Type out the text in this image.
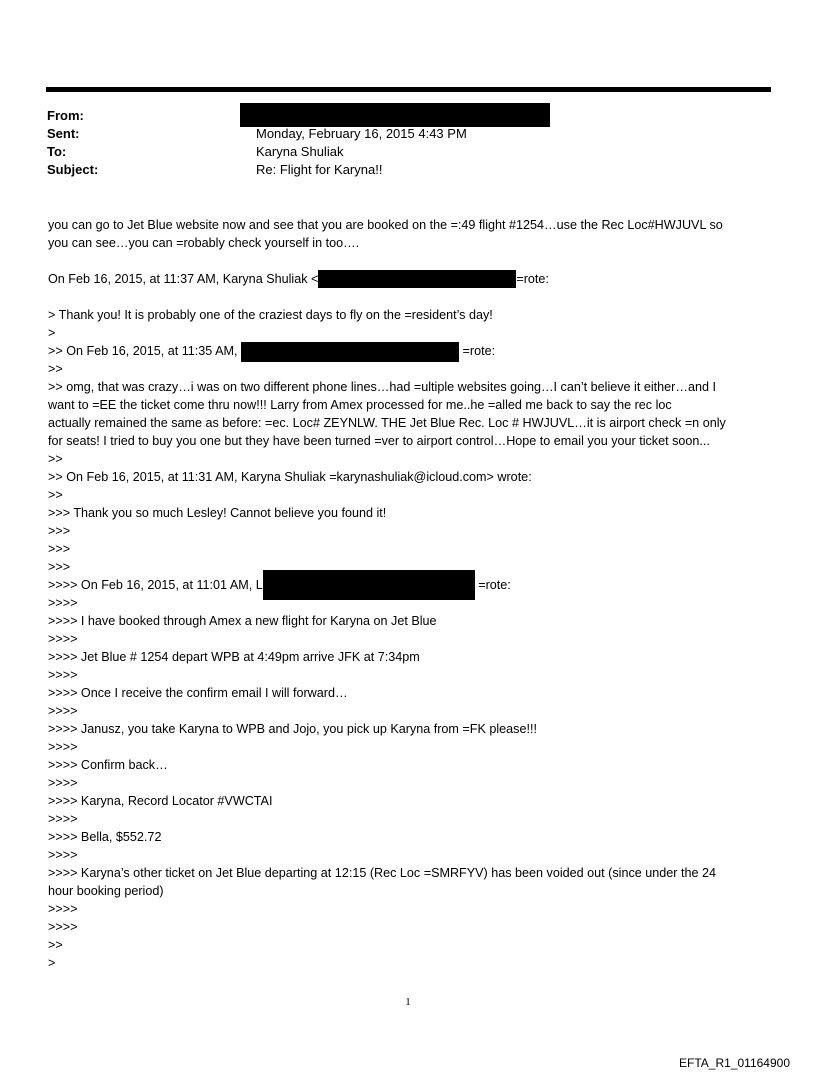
From:
Sent:	Monday, February 16, 2015 4:43 PM
To:	Karyna Shuliak
Subject:	Re: Flight for Karyna!!
you can go to Jet Blue website now and see that you are booked on the =:49 flight #1254…use the Rec Loc#HWJUVL so
you can see…you can =robably check yourself in too….
On Feb 16, 2015, at 11:37 AM, Karyna Shuliak <	=rote:
> Thank you! It is probably one of the craziest days to fly on the =resident’s day!
>
>> On Feb 16, 2015, at 11:35 AM,	=rote:
>>
>> omg, that was crazy…i was on two different phone lines…had =ultiple websites going…I can’t believe it either…and I
want to =EE the ticket come thru now!!! Larry from Amex processed for me..he =alled me back to say the rec loc
actually remained the same as before: =ec. Loc# ZEYNLW. THE Jet Blue Rec. Loc # HWJUVL…it is airport check =n only
for seats! I tried to buy you one but they have been turned =ver to airport control…Hope to email you your ticket soon...
>>
>> On Feb 16, 2015, at 11:31 AM, Karyna Shuliak =karynashuliak@icloud.com> wrote:
>>
>>> Thank you so much Lesley! Cannot believe you found it!
>>>
>>>
>>>
>>>> On Feb 16, 2015, at 11:01 AM, L	=rote:
>>>>
>>>> I have booked through Amex a new flight for Karyna on Jet Blue
>>>>
>>>> Jet Blue # 1254 depart WPB at 4:49pm arrive JFK at 7:34pm
>>>>
>>>> Once I receive the confirm email I will forward…
>>>>
>>>> Janusz, you take Karyna to WPB and Jojo, you pick up Karyna from =FK please!!!
>>>>
>>>> Confirm back…
>>>>
>>>> Karyna, Record Locator #VWCTAI
>>>>
>>>> Bella, $552.72
>>>>
>>>> Karyna’s other ticket on Jet Blue departing at 12:15 (Rec Loc =SMRFYV) has been voided out (since under the 24
hour booking period)
>>>>
>>>>
>>
>
1
EFTA_R1_01164900
